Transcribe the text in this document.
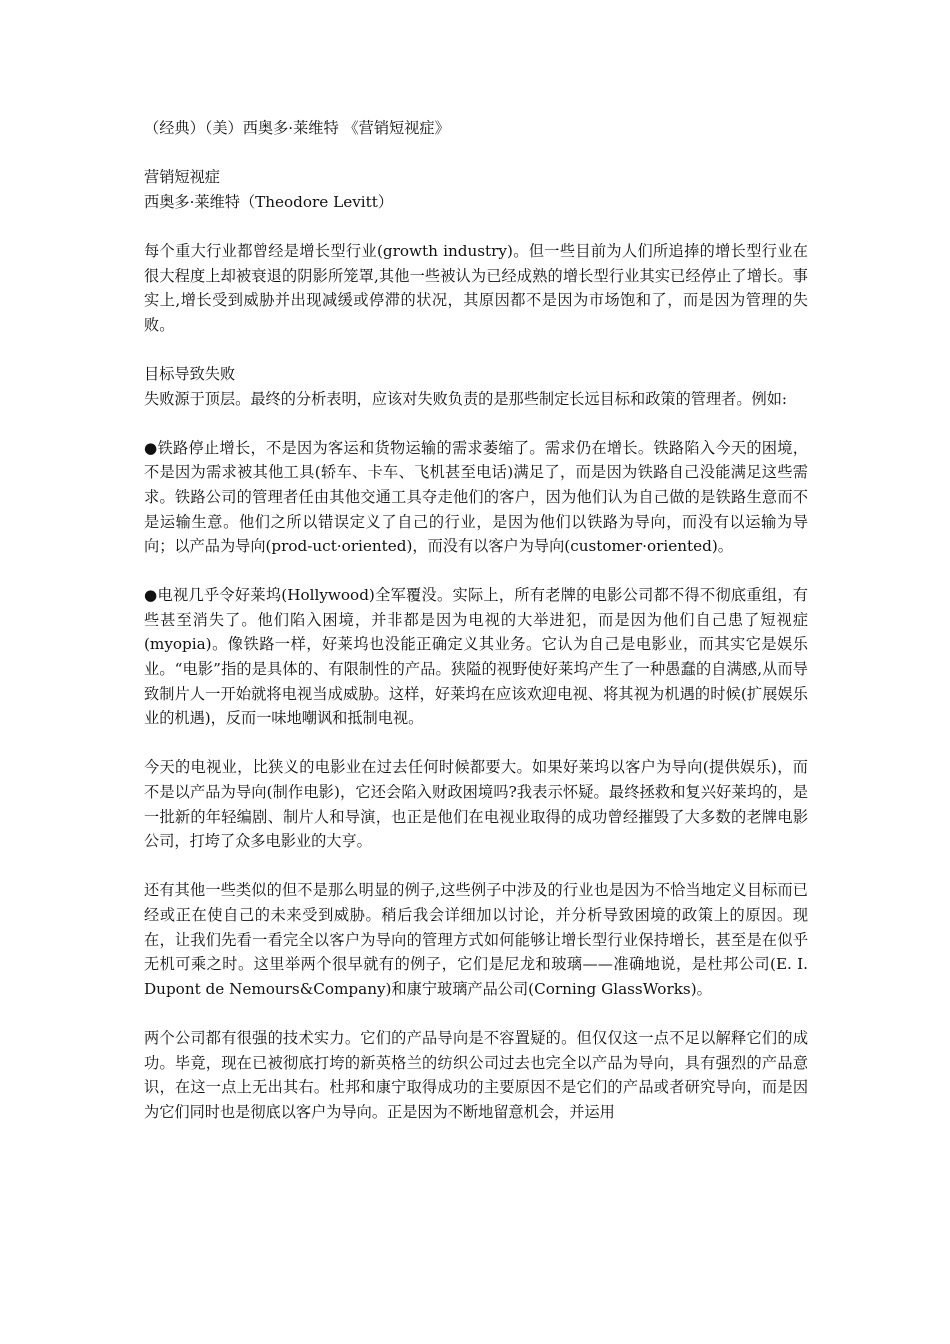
（经典）（美）西奥多·莱维特 《营销短视症》

营销短视症

西奥多·莱维特（Theodore Levitt）

每个重大行业都曾经是增长型行业(growth industry)。但一些目前为人们所追捧的增长型行业在很大程度上却被衰退的阴影所笼罩,其他一些被认为已经成熟的增长型行业其实已经停止了增长。事实上,增长受到威胁并出现减缓或停滞的状况，其原因都不是因为市场饱和了，而是因为管理的失败。

目标导致失败

失败源于顶层。最终的分析表明，应该对失败负责的是那些制定长远目标和政策的管理者。例如:

●铁路停止增长，不是因为客运和货物运输的需求萎缩了。需求仍在增长。铁路陷入今天的困境，不是因为需求被其他工具(轿车、卡车、飞机甚至电话)满足了，而是因为铁路自己没能满足这些需求。铁路公司的管理者任由其他交通工具夺走他们的客户，因为他们认为自己做的是铁路生意而不是运输生意。他们之所以错误定义了自己的行业，是因为他们以铁路为导向，而没有以运输为导向；以产品为导向(prod-uct·oriented)，而没有以客户为导向(customer·oriented)。

●电视几乎令好莱坞(Hollywood)全军覆没。实际上，所有老牌的电影公司都不得不彻底重组，有些甚至消失了。他们陷入困境，并非都是因为电视的大举进犯，而是因为他们自己患了短视症(myopia)。像铁路一样，好莱坞也没能正确定义其业务。它认为自己是电影业，而其实它是娱乐业。“电影”指的是具体的、有限制性的产品。狭隘的视野使好莱坞产生了一种愚蠢的自满感,从而导致制片人一开始就将电视当成威胁。这样，好莱坞在应该欢迎电视、将其视为机遇的时候(扩展娱乐业的机遇)，反而一味地嘲讽和抵制电视。

今天的电视业，比狭义的电影业在过去任何时候都要大。如果好莱坞以客户为导向(提供娱乐)，而不是以产品为导向(制作电影)，它还会陷入财政困境吗?我表示怀疑。最终拯救和复兴好莱坞的，是一批新的年轻编剧、制片人和导演，也正是他们在电视业取得的成功曾经摧毁了大多数的老牌电影公司，打垮了众多电影业的大亨。

还有其他一些类似的但不是那么明显的例子,这些例子中涉及的行业也是因为不恰当地定义目标而已经或正在使自己的未来受到威胁。稍后我会详细加以讨论，并分析导致困境的政策上的原因。现在，让我们先看一看完全以客户为导向的管理方式如何能够让增长型行业保持增长，甚至是在似乎无机可乘之时。这里举两个很早就有的例子，它们是尼龙和玻璃——准确地说，是杜邦公司(E. I. Dupont de Nemours&Company)和康宁玻璃产品公司(Corning GlassWorks)。

两个公司都有很强的技术实力。它们的产品导向是不容置疑的。但仅仅这一点不足以解释它们的成功。毕竟，现在已被彻底打垮的新英格兰的纺织公司过去也完全以产品为导向，具有强烈的产品意识，在这一点上无出其右。杜邦和康宁取得成功的主要原因不是它们的产品或者研究导向，而是因为它们同时也是彻底以客户为导向。正是因为不断地留意机会，并运用
